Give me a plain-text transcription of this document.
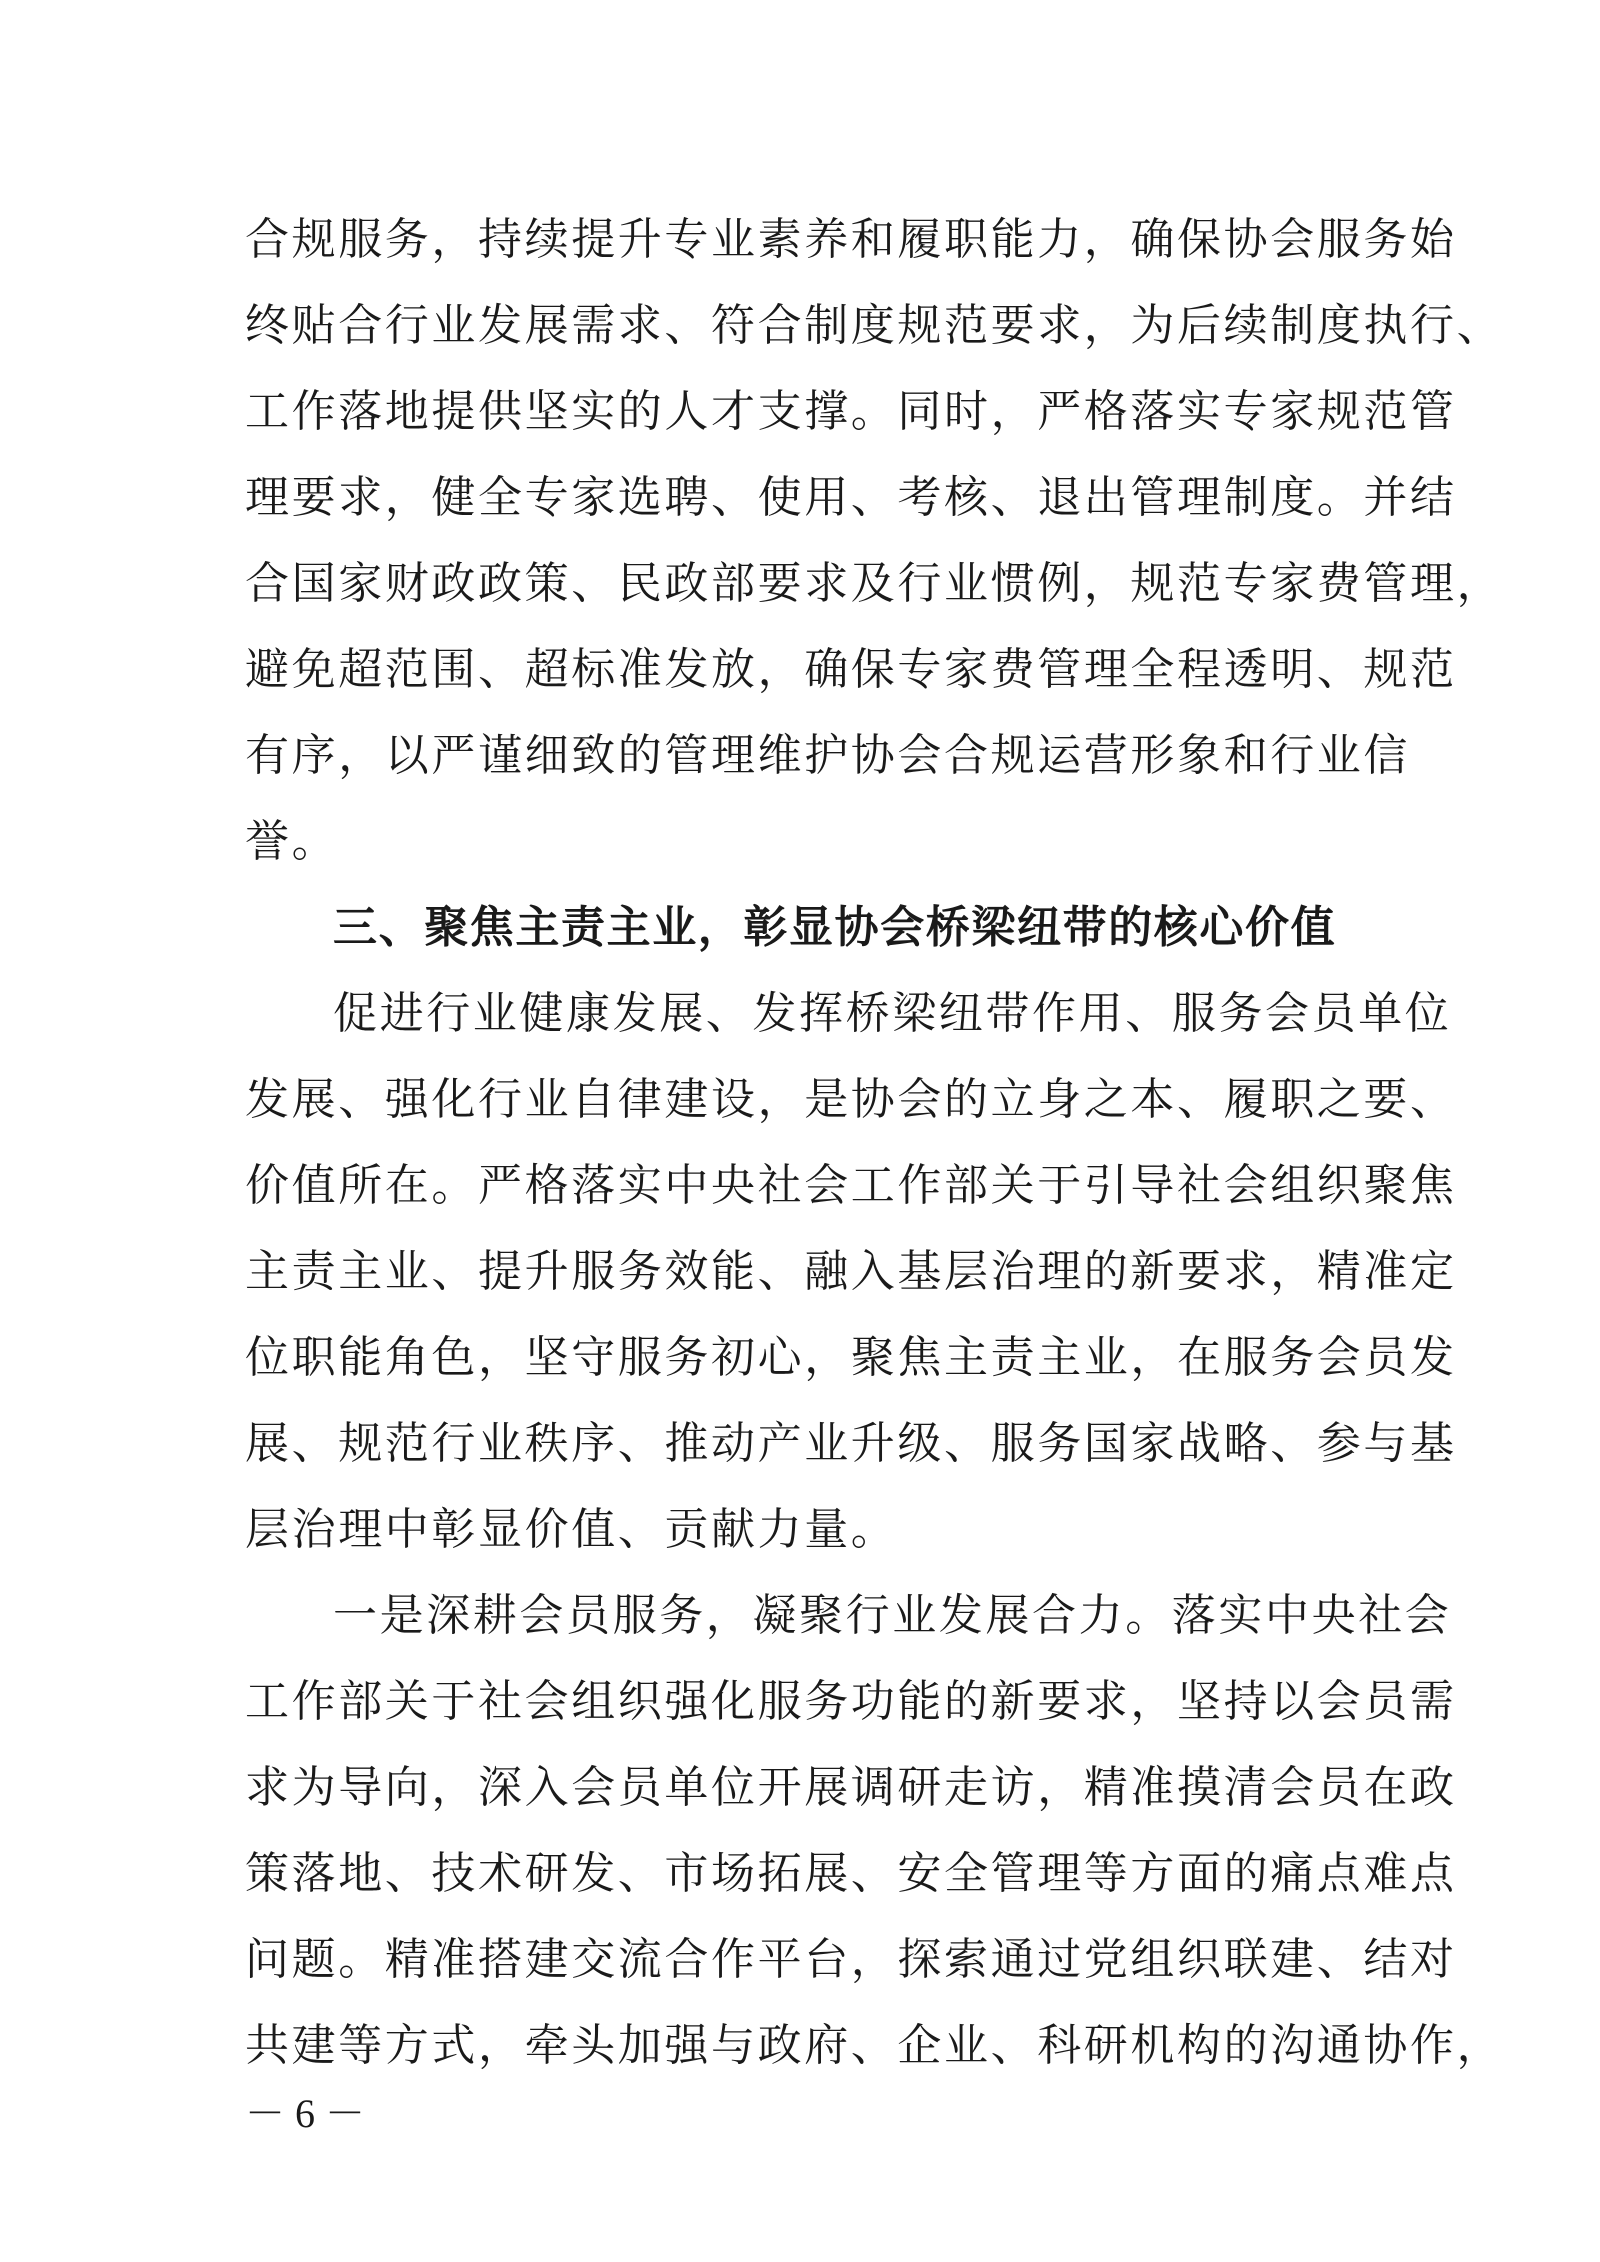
合规服务，持续提升专业素养和履职能力，确保协会服务始
终贴合行业发展需求、符合制度规范要求，为后续制度执行、
工作落地提供坚实的人才支撑。同时，严格落实专家规范管
理要求，健全专家选聘、使用、考核、退出管理制度。并结
合国家财政政策、民政部要求及行业惯例，规范专家费管理，
避免超范围、超标准发放，确保专家费管理全程透明、规范
有序，以严谨细致的管理维护协会合规运营形象和行业信
誉。
三、聚焦主责主业，彰显协会桥梁纽带的核心价值
促进行业健康发展、发挥桥梁纽带作用、服务会员单位
发展、强化行业自律建设，是协会的立身之本、履职之要、
价值所在。严格落实中央社会工作部关于引导社会组织聚焦
主责主业、提升服务效能、融入基层治理的新要求，精准定
位职能角色，坚守服务初心，聚焦主责主业，在服务会员发
展、规范行业秩序、推动产业升级、服务国家战略、参与基
层治理中彰显价值、贡献力量。
一是深耕会员服务，凝聚行业发展合力。落实中央社会
工作部关于社会组织强化服务功能的新要求，坚持以会员需
求为导向，深入会员单位开展调研走访，精准摸清会员在政
策落地、技术研发、市场拓展、安全管理等方面的痛点难点
问题。精准搭建交流合作平台，探索通过党组织联建、结对
共建等方式，牵头加强与政府、企业、科研机构的沟通协作，
－ 6 －
